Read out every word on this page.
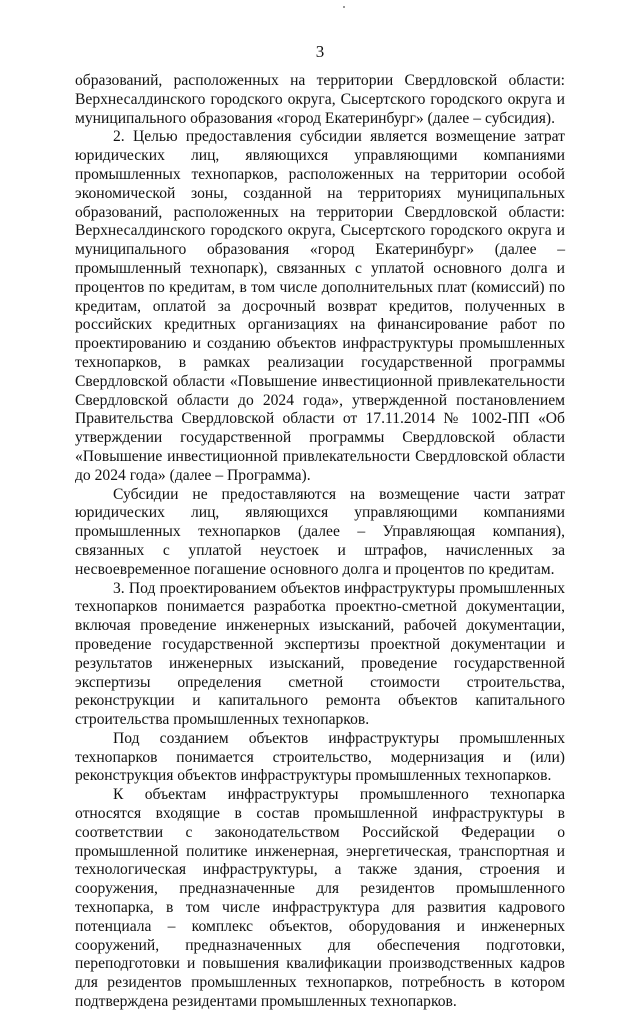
3

образований, расположенных на территории Свердловской области: Верхнесалдинского городского округа, Сысертского городского округа и муниципального образования «город Екатеринбург» (далее – субсидия).

2. Целью предоставления субсидии является возмещение затрат юридических лиц, являющихся управляющими компаниями промышленных технопарков, расположенных на территории особой экономической зоны, созданной на территориях муниципальных образований, расположенных на территории Свердловской области: Верхнесалдинского городского округа, Сысертского городского округа и муниципального образования «город Екатеринбург» (далее – промышленный технопарк), связанных с уплатой основного долга и процентов по кредитам, в том числе дополнительных плат (комиссий) по кредитам, оплатой за досрочный возврат кредитов, полученных в российских кредитных организациях на финансирование работ по проектированию и созданию объектов инфраструктуры промышленных технопарков, в рамках реализации государственной программы Свердловской области «Повышение инвестиционной привлекательности Свердловской области до 2024 года», утвержденной постановлением Правительства Свердловской области от 17.11.2014 № 1002-ПП «Об утверждении государственной программы Свердловской области «Повышение инвестиционной привлекательности Свердловской области до 2024 года» (далее – Программа).

Субсидии не предоставляются на возмещение части затрат юридических лиц, являющихся управляющими компаниями промышленных технопарков (далее – Управляющая компания), связанных с уплатой неустоек и штрафов, начисленных за несвоевременное погашение основного долга и процентов по кредитам.

3. Под проектированием объектов инфраструктуры промышленных технопарков понимается разработка проектно-сметной документации, включая проведение инженерных изысканий, рабочей документации, проведение государственной экспертизы проектной документации и результатов инженерных изысканий, проведение государственной экспертизы определения сметной стоимости строительства, реконструкции и капитального ремонта объектов капитального строительства промышленных технопарков.

Под созданием объектов инфраструктуры промышленных технопарков понимается строительство, модернизация и (или) реконструкция объектов инфраструктуры промышленных технопарков.

К объектам инфраструктуры промышленного технопарка относятся входящие в состав промышленной инфраструктуры в соответствии с законодательством Российской Федерации о промышленной политике инженерная, энергетическая, транспортная и технологическая инфраструктуры, а также здания, строения и сооружения, предназначенные для резидентов промышленного технопарка, в том числе инфраструктура для развития кадрового потенциала – комплекс объектов, оборудования и инженерных сооружений, предназначенных для обеспечения подготовки, переподготовки и повышения квалификации производственных кадров для резидентов промышленных технопарков, потребность в котором подтверждена резидентами промышленных технопарков.
